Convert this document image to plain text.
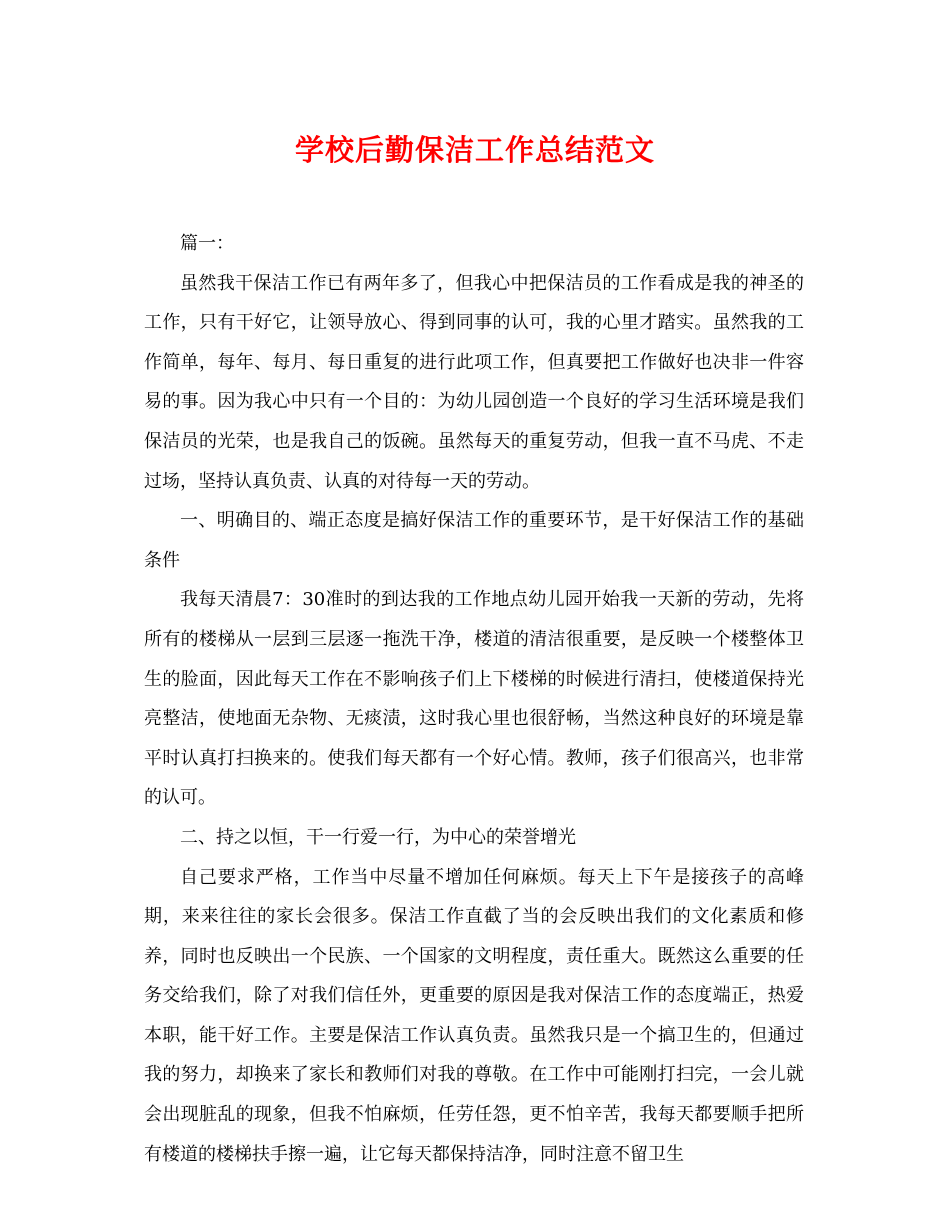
学校后勤保洁工作总结范文

篇一：

虽然我干保洁工作已有两年多了，但我心中把保洁员的工作看成是我的神圣的工作，只有干好它，让领导放心、得到同事的认可，我的心里才踏实。虽然我的工作简单，每年、每月、每日重复的进行此项工作，但真要把工作做好也决非一件容易的事。因为我心中只有一个目的：为幼儿园创造一个良好的学习生活环境是我们保洁员的光荣，也是我自己的饭碗。虽然每天的重复劳动，但我一直不马虎、不走过场，坚持认真负责、认真的对待每一天的劳动。

一、明确目的、端正态度是搞好保洁工作的重要环节，是干好保洁工作的基础条件

我每天清晨7：30准时的到达我的工作地点幼儿园开始我一天新的劳动，先将所有的楼梯从一层到三层逐一拖洗干净，楼道的清洁很重要，是反映一个楼整体卫生的脸面，因此每天工作在不影响孩子们上下楼梯的时候进行清扫，使楼道保持光亮整洁，使地面无杂物、无痰渍，这时我心里也很舒畅，当然这种良好的环境是靠平时认真打扫换来的。使我们每天都有一个好心情。教师，孩子们很高兴，也非常的认可。

二、持之以恒，干一行爱一行，为中心的荣誉增光

自己要求严格，工作当中尽量不增加任何麻烦。每天上下午是接孩子的高峰期，来来往往的家长会很多。保洁工作直截了当的会反映出我们的文化素质和修养，同时也反映出一个民族、一个国家的文明程度，责任重大。既然这么重要的任务交给我们，除了对我们信任外，更重要的原因是我对保洁工作的态度端正，热爱本职，能干好工作。主要是保洁工作认真负责。虽然我只是一个搞卫生的，但通过我的努力，却换来了家长和教师们对我的尊敬。在工作中可能刚打扫完，一会儿就会出现脏乱的现象，但我不怕麻烦，任劳任怨，更不怕辛苦，我每天都要顺手把所有楼道的楼梯扶手擦一遍，让它每天都保持洁净，同时注意不留卫生
